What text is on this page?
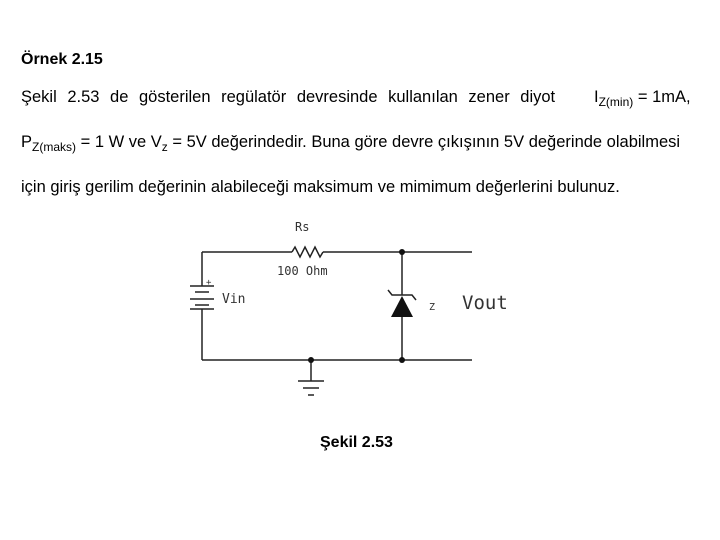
Örnek 2.15
Şekil 2.53 de gösterilen regülatör devresinde kullanılan zener diyot $I_{Z(min)} = 1mA$,
$P_{Z(maks)} = 1$ W ve $V_z = 5V$ değerindedir. Buna göre devre çıkışının 5V değerinde olabilmesi
için giriş gerilim değerinin alabileceği maksimum ve mimimum değerlerini bulunuz.
Rs
100 Ohm
+
Vin
Z Vout
Şekil 2.53
